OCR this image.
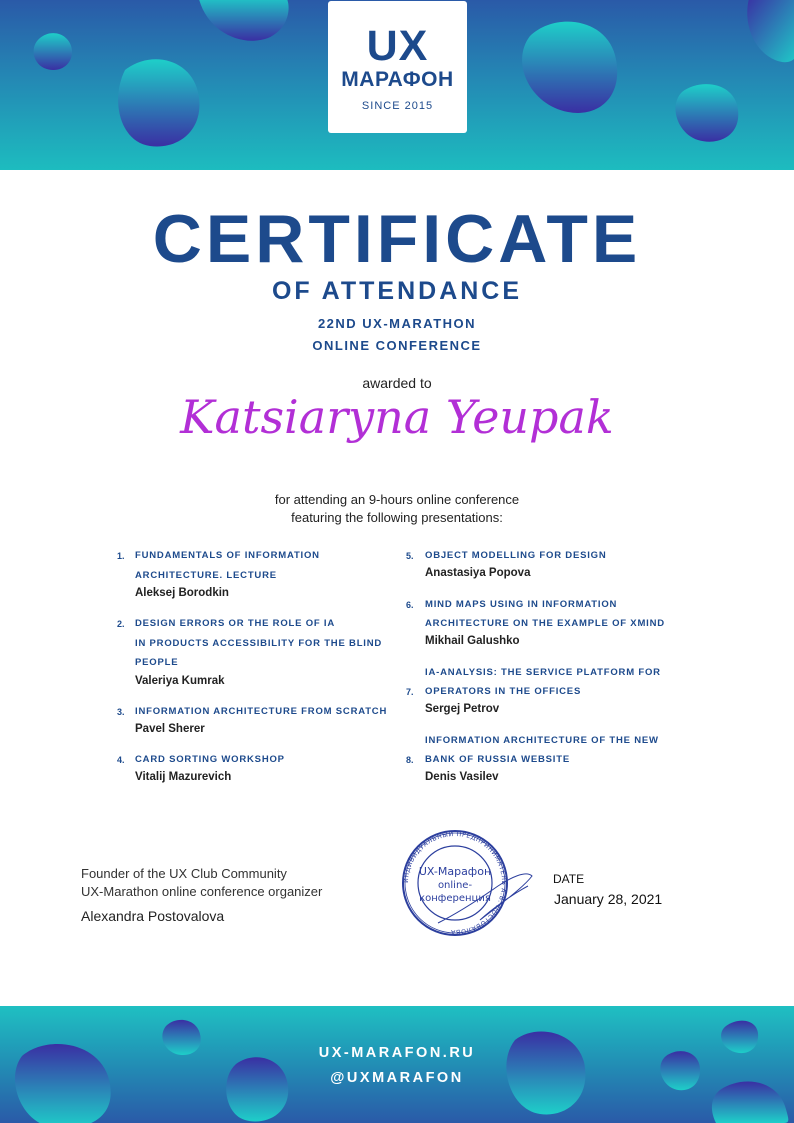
UX
МАРАФОН
SINCE 2015
CERTIFICATE
OF ATTENDANCE
22ND UX-MARATHON
ONLINE CONFERENCE
awarded to
Katsiaryna Yeupak
for attending an 9-hours online conference
featuring the following presentations:
1. FUNDAMENTALS OF INFORMATION
ARCHITECTURE. LECTURE
Aleksej Borodkin
2. DESIGN ERRORS OR THE ROLE OF IA
IN PRODUCTS ACCESSIBILITY FOR THE BLIND
PEOPLE
Valeriya Kumrak
3. INFORMATION ARCHITECTURE FROM SCRATCH
Pavel Sherer
4. CARD SORTING WORKSHOP
Vitalij Mazurevich
5. OBJECT MODELLING FOR DESIGN
Anastasiya Popova
6. MIND MAPS USING IN INFORMATION
ARCHITECTURE ON THE EXAMPLE OF XMIND
Mikhail Galushko
7.
IA-ANALYSIS: THE SERVICE PLATFORM FOR
OPERATORS IN THE OFFICES
Sergej Petrov
8.
INFORMATION ARCHITECTURE OF THE NEW
BANK OF RUSSIA WEBSITE
Denis Vasilev
Founder of the UX Club Community
UX-Marathon online conference organizer
Alexandra Postovalova
ИНДИВИДУАЛЬНЫЙ ПРЕДПРИНИМАТЕЛЬ А.В. ПОСТОВАЛОВА
UX-Марафон
online-
конференция
DATE
January 28, 2021
UX-MARAFON.RU
@UXMARAFON
